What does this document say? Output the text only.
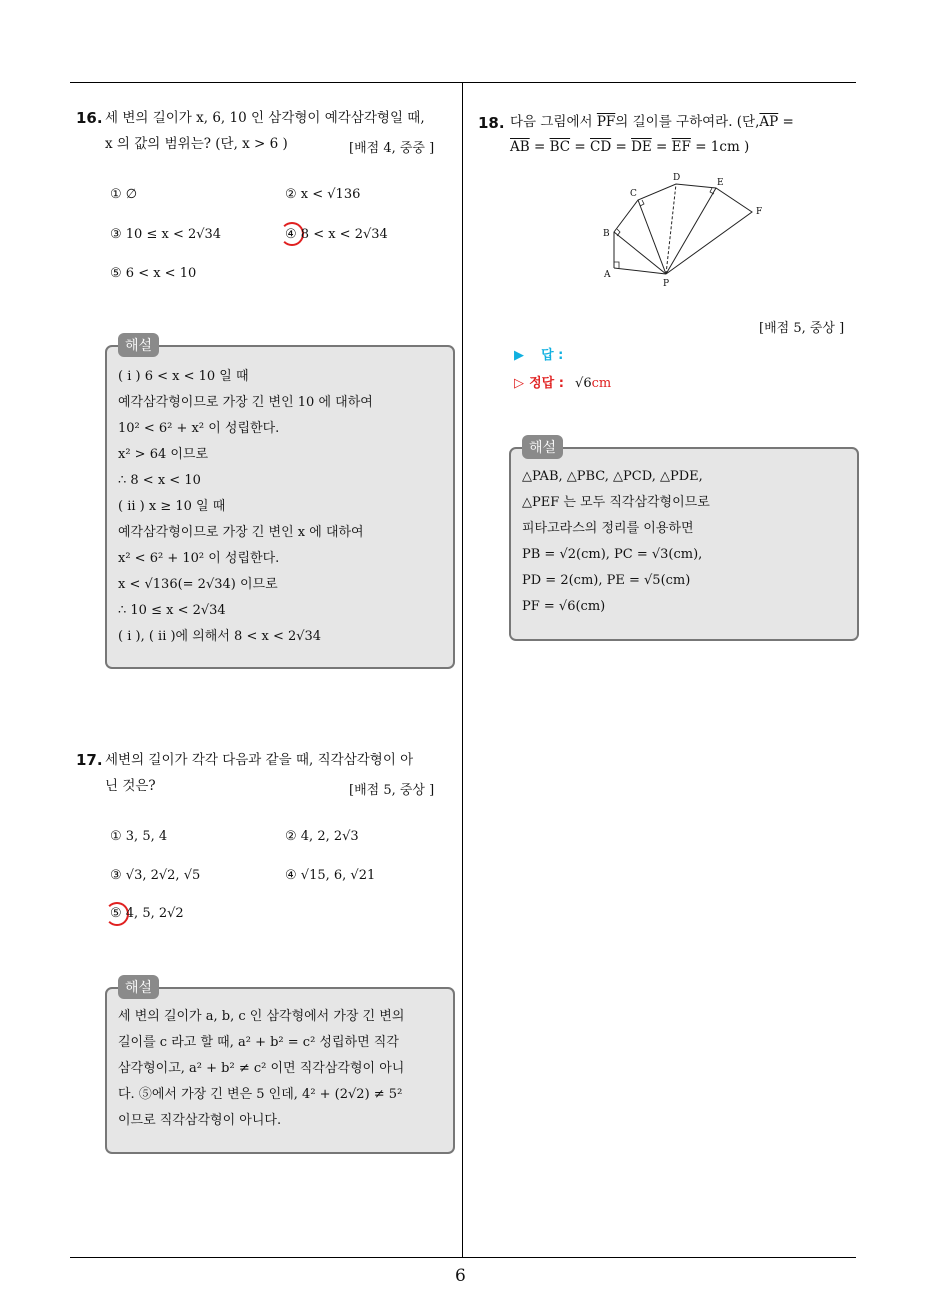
6
16. 세 변의 길이가 x, 6, 10 인 삼각형이 예각삼각형일 때,
x 의 값의 범위는? (단, x > 6 )	[배점 4, 중중 ]
① ∅	② x < √136
③ 10 ≤ x < 2√34	④ 8 < x < 2√34
⑤ 6 < x < 10
해설
( i ) 6 < x < 10 일 때
예각삼각형이므로 가장 긴 변인 10 에 대하여
10² < 6² + x² 이 성립한다.
x² > 64 이므로
∴ 8 < x < 10
( ii ) x ≥ 10 일 때
예각삼각형이므로 가장 긴 변인 x 에 대하여
x² < 6² + 10² 이 성립한다.
x < √136(= 2√34) 이므로
∴ 10 ≤ x < 2√34
( i ), ( ii )에 의해서 8 < x < 2√34
17. 세변의 길이가 각각 다음과 같을 때, 직각삼각형이 아
닌 것은?	[배점 5, 중상 ]
① 3, 5, 4	② 4, 2, 2√3
③ √3, 2√2, √5	④ √15, 6, √21
⑤ 4, 5, 2√2
해설
세 변의 길이가 a, b, c 인 삼각형에서 가장 긴 변의
길이를 c 라고 할 때, a² + b² = c² 성립하면 직각
삼각형이고, a² + b² ≠ c² 이면 직각삼각형이 아니
다. ⑤에서 가장 긴 변은 5 인데, 4² + (2√2) ≠ 5²
이므로 직각삼각형이 아니다.
18. 다음 그림에서 $\overline{PF}$의 길이를 구하여라. (단$,\overline{AP}$ =
$\overline{AB} = \overline{BC} = \overline{CD} = \overline{DE} = \overline{EF} = 1cm$ )
A
B
C
D	E
F
P
[배점 5, 중상 ]
▶ 답 :
▷ 정답 : √6cm
해설
△PAB, △PBC, △PCD, △PDE,
△PEF 는 모두 직각삼각형이므로
피타고라스의 정리를 이용하면
PB = √2(cm), PC = √3(cm),
PD = 2(cm), PE = √5(cm)
PF = √6(cm)
